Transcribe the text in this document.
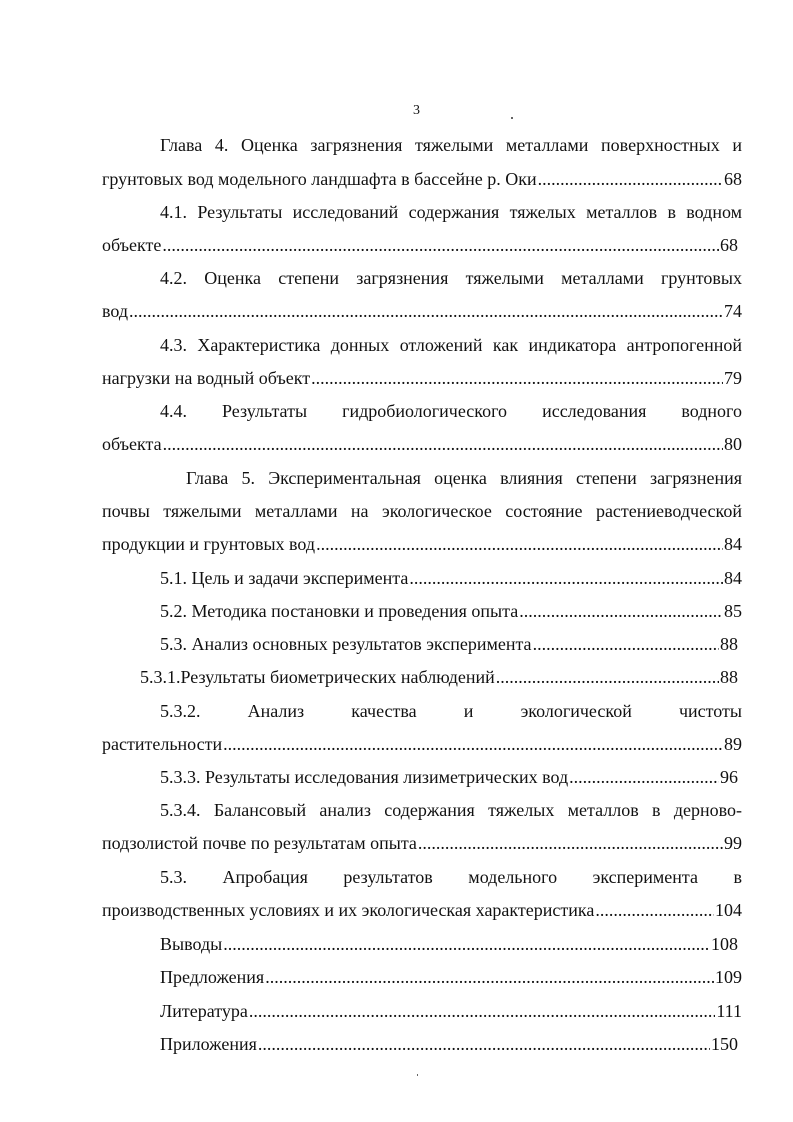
3
Глава 4. Оценка загрязнения тяжелыми металлами поверхностных и
грунтовых вод модельного ландшафта в бассейне р. Оки .....	68
4.1. Результаты исследований содержания тяжелых металлов в водном
объекте .....	68
4.2. Оценка степени загрязнения тяжелыми металлами грунтовых
вод .....	74
4.3. Характеристика донных отложений как индикатора антропогенной
нагрузки на водный объект .....	79
4.4. Результаты гидробиологического исследования водного
объекта .....	80
Глава 5. Экспериментальная оценка влияния степени загрязнения
почвы тяжелыми металлами на экологическое состояние растениеводческой
продукции и грунтовых вод .....	84
5.1. Цель и задачи эксперимента .....	84
5.2. Методика постановки и проведения опыта .....	85
5.3. Анализ основных результатов эксперимента .....	88
5.3.1.Результаты биометрических наблюдений .....	88
5.3.2. Анализ качества и экологической чистоты
растительности .....	89
5.3.3. Результаты исследования лизиметрических вод .....	96
5.3.4. Балансовый анализ содержания тяжелых металлов в дерново-
подзолистой почве по результатам опыта .....	99
5.3. Апробация результатов модельного эксперимента в
производственных условиях и их экологическая характеристика .....	104
Выводы .....	108
Предложения .....	109
Литература .....	111
Приложения .....	150
